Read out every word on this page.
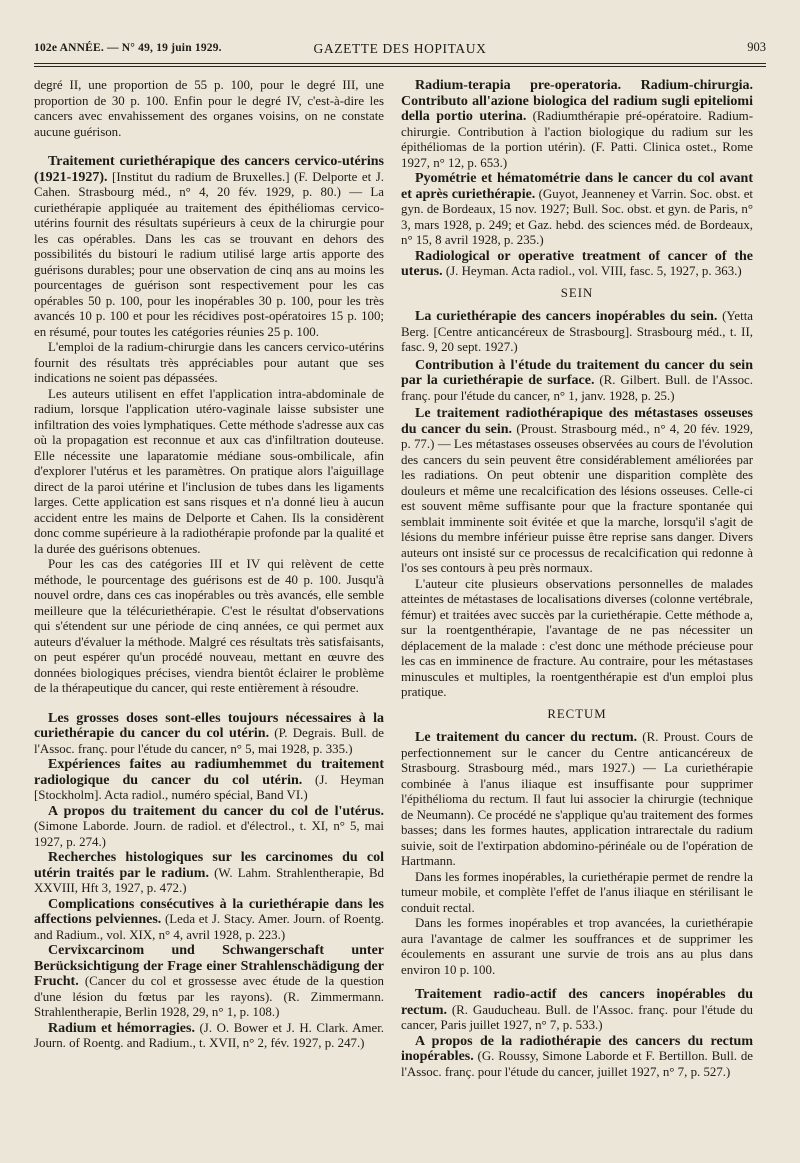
102e ANNÉE. — N° 49, 19 juin 1929.	GAZETTE DES HOPITAUX	903

degré II, une proportion de 55 p. 100, pour le degré III, une proportion de 30 p. 100. Enfin pour le degré IV, c'est-à-dire les cancers avec envahissement des organes voisins, on ne constate aucune guérison.

Traitement curiethérapique des cancers cervico-utérins (1921-1927). [Institut du radium de Bruxelles.] (F. Delporte et J. Cahen. Strasbourg méd., n° 4, 20 fév. 1929, p. 80.) — La curiethérapie appliquée au traitement des épithéliomas cervico-utérins fournit des résultats supérieurs à ceux de la chirurgie pour les cas opérables. Dans les cas se trouvant en dehors des possibilités du bistouri le radium utilisé large artis apporte des guérisons durables; pour une observation de cinq ans au moins les pourcentages de guérison sont respectivement pour les cas opérables 50 p. 100, pour les inopérables 30 p. 100, pour les très avancés 10 p. 100 et pour les récidives post-opératoires 15 p. 100; en résumé, pour toutes les catégories réunies 25 p. 100.

L'emploi de la radium-chirurgie dans les cancers cervico-utérins fournit des résultats très appréciables pour autant que ses indications ne soient pas dépassées.

Les auteurs utilisent en effet l'application intra-abdominale de radium, lorsque l'application utéro-vaginale laisse subsister une infiltration des voies lymphatiques. Cette méthode s'adresse aux cas où la propagation est reconnue et aux cas d'infiltration douteuse. Elle nécessite une laparatomie médiane sous-ombilicale, afin d'explorer l'utérus et les paramètres. On pratique alors l'aiguillage direct de la paroi utérine et l'inclusion de tubes dans les ligaments larges. Cette application est sans risques et n'a donné lieu à aucun accident entre les mains de Delporte et Cahen. Ils la considèrent donc comme supérieure à la radiothérapie profonde par la qualité et la durée des guérisons obtenues.

Pour les cas des catégories III et IV qui relèvent de cette méthode, le pourcentage des guérisons est de 40 p. 100. Jusqu'à nouvel ordre, dans ces cas inopérables ou très avancés, elle semble meilleure que la télécuriethérapie. C'est le résultat d'observations qui s'étendent sur une période de cinq années, ce qui permet aux auteurs d'évaluer la méthode. Malgré ces résultats très satisfaisants, on peut espérer qu'un procédé nouveau, mettant en œuvre des données biologiques précises, viendra bientôt éclairer le problème de la thérapeutique du cancer, qui reste entièrement à résoudre.

Les grosses doses sont-elles toujours nécessaires à la curiethérapie du cancer du col utérin. (P. Degrais. Bull. de l'Assoc. franç. pour l'étude du cancer, n° 5, mai 1928, p. 335.)

Expériences faites au radiumhemmet du traitement radiologique du cancer du col utérin. (J. Heyman [Stockholm]. Acta radiol., numéro spécial, Band VI.)

A propos du traitement du cancer du col de l'utérus. (Simone Laborde. Journ. de radiol. et d'électrol., t. XI, n° 5, mai 1927, p. 274.)

Recherches histologiques sur les carcinomes du col utérin traités par le radium. (W. Lahm. Strahlentherapie, Bd XXVIII, Hft 3, 1927, p. 472.)

Complications consécutives à la curiethérapie dans les affections pelviennes. (Leda et J. Stacy. Amer. Journ. of Roentg. and Radium., vol. XIX, n° 4, avril 1928, p. 223.)

Cervixcarcinom und Schwangerschaft unter Berücksichtigung der Frage einer Strahlenschädigung der Frucht. (Cancer du col et grossesse avec étude de la question d'une lésion du fœtus par les rayons). (R. Zimmermann. Strahlentherapie, Berlin 1928, 29, n° 1, p. 108.)

Radium et hémorragies. (J. O. Bower et J. H. Clark. Amer. Journ. of Roentg. and Radium., t. XVII, n° 2, fév. 1927, p. 247.)

Radium-terapia pre-operatoria. Radium-chirurgia. Contributo all'azione biologica del radium sugli epiteliomi della portio uterina. (Radiumthérapie pré-opératoire. Radium-chirurgie. Contribution à l'action biologique du radium sur les épithéliomas de la portion utérin). (F. Patti. Clinica ostet., Rome 1927, n° 12, p. 653.)

Pyométrie et hématométrie dans le cancer du col avant et après curiethérapie. (Guyot, Jeanneney et Varrin. Soc. obst. et gyn. de Bordeaux, 15 nov. 1927; Bull. Soc. obst. et gyn. de Paris, n° 3, mars 1928, p. 249; et Gaz. hebd. des sciences méd. de Bordeaux, n° 15, 8 avril 1928, p. 235.)

Radiological or operative treatment of cancer of the uterus. (J. Heyman. Acta radiol., vol. VIII, fasc. 5, 1927, p. 363.)

SEIN

La curiethérapie des cancers inopérables du sein. (Yetta Berg. [Centre anticancéreux de Strasbourg]. Strasbourg méd., t. II, fasc. 9, 20 sept. 1927.)

Contribution à l'étude du traitement du cancer du sein par la curiethérapie de surface. (R. Gilbert. Bull. de l'Assoc. franç. pour l'étude du cancer, n° 1, janv. 1928, p. 25.)

Le traitement radiothérapique des métastases osseuses du cancer du sein. (Proust. Strasbourg méd., n° 4, 20 fév. 1929, p. 77.) — Les métastases osseuses observées au cours de l'évolution des cancers du sein peuvent être considérablement améliorées par les radiations. On peut obtenir une disparition complète des douleurs et même une recalcification des lésions osseuses. Celle-ci est souvent même suffisante pour que la fracture spontanée qui semblait imminente soit évitée et que la marche, lorsqu'il s'agit de lésions du membre inférieur puisse être reprise sans danger. Divers auteurs ont insisté sur ce processus de recalcification qui redonne à l'os ses contours à peu près normaux.

L'auteur cite plusieurs observations personnelles de malades atteintes de métastases de localisations diverses (colonne vertébrale, fémur) et traitées avec succès par la curiethérapie. Cette méthode a, sur la roentgenthérapie, l'avantage de ne pas nécessiter un déplacement de la malade : c'est donc une méthode précieuse pour les cas en imminence de fracture. Au contraire, pour les métastases minuscules et multiples, la roentgenthérapie est d'un emploi plus pratique.

RECTUM

Le traitement du cancer du rectum. (R. Proust. Cours de perfectionnement sur le cancer du Centre anticancéreux de Strasbourg. Strasbourg méd., mars 1927.) — La curiethérapie combinée à l'anus iliaque est insuffisante pour supprimer l'épithélioma du rectum. Il faut lui associer la chirurgie (technique de Neumann). Ce procédé ne s'applique qu'au traitement des formes basses; dans les formes hautes, application intrarectale du radium suivie, soit de l'extirpation abdomino-périnéale ou de l'opération de Hartmann.

Dans les formes inopérables, la curiethérapie permet de rendre la tumeur mobile, et complète l'effet de l'anus iliaque en stérilisant le conduit rectal.

Dans les formes inopérables et trop avancées, la curiethérapie aura l'avantage de calmer les souffrances et de supprimer les écoulements en assurant une survie de trois ans au plus dans environ 10 p. 100.

Traitement radio-actif des cancers inopérables du rectum. (R. Gauducheau. Bull. de l'Assoc. franç. pour l'étude du cancer, Paris juillet 1927, n° 7, p. 533.)

A propos de la radiothérapie des cancers du rectum inopérables. (G. Roussy, Simone Laborde et F. Bertillon. Bull. de l'Assoc. franç. pour l'étude du cancer, juillet 1927, n° 7, p. 527.)
